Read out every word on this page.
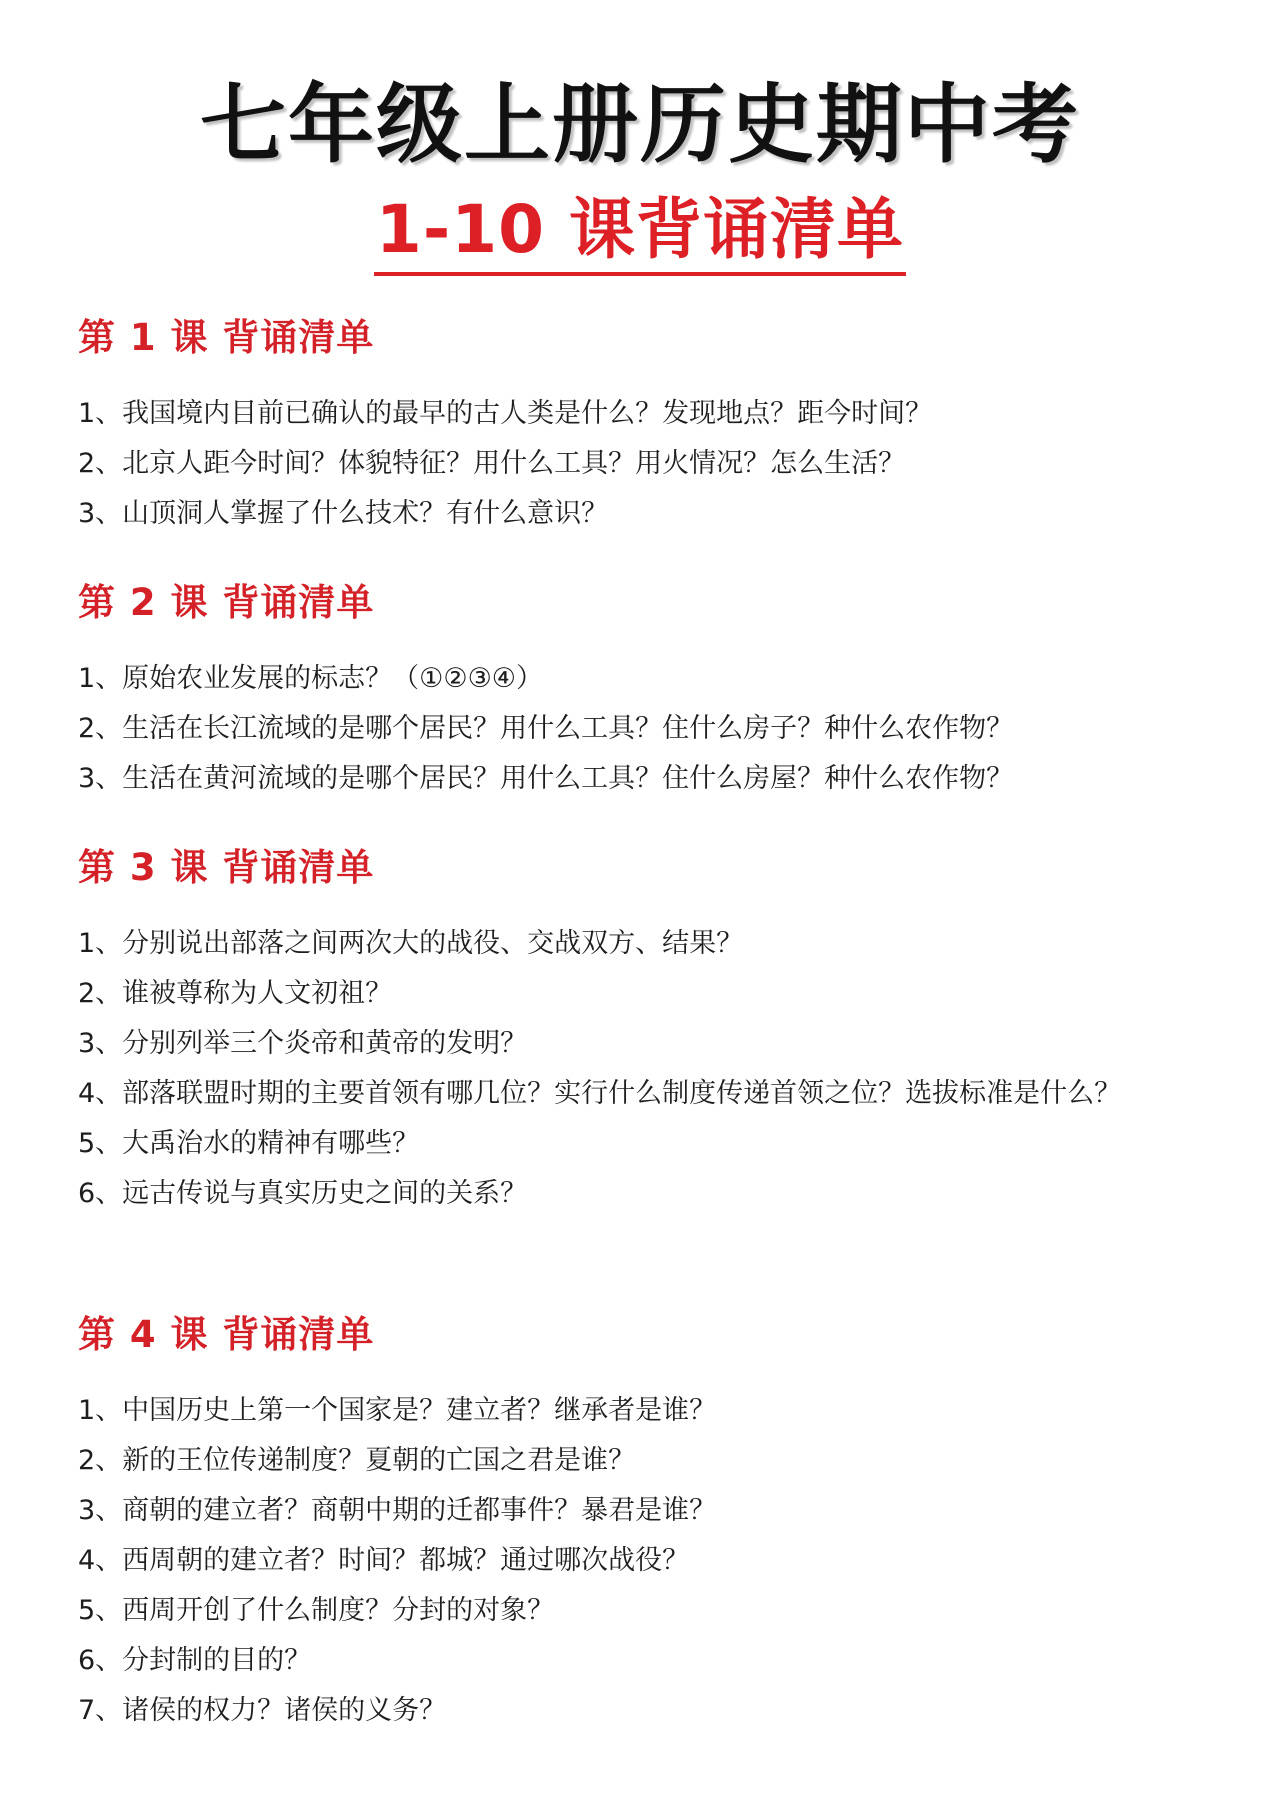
七年级上册历史期中考
1-10 课背诵清单
第 1 课 背诵清单
1、我国境内目前已确认的最早的古人类是什么？发现地点？距今时间？
2、北京人距今时间？体貌特征？用什么工具？用火情况？怎么生活？
3、山顶洞人掌握了什么技术？有什么意识？
第 2 课 背诵清单
1、原始农业发展的标志？（①②③④）
2、生活在长江流域的是哪个居民？用什么工具？住什么房子？种什么农作物？
3、生活在黄河流域的是哪个居民？用什么工具？住什么房屋？种什么农作物？
第 3 课 背诵清单
1、分别说出部落之间两次大的战役、交战双方、结果？
2、谁被尊称为人文初祖？
3、分别列举三个炎帝和黄帝的发明？
4、部落联盟时期的主要首领有哪几位？实行什么制度传递首领之位？选拔标准是什么？
5、大禹治水的精神有哪些？
6、远古传说与真实历史之间的关系？
第 4 课 背诵清单
1、中国历史上第一个国家是？建立者？继承者是谁？
2、新的王位传递制度？夏朝的亡国之君是谁？
3、商朝的建立者？商朝中期的迁都事件？暴君是谁？
4、西周朝的建立者？时间？都城？通过哪次战役？
5、西周开创了什么制度？分封的对象？
6、分封制的目的？
7、诸侯的权力？诸侯的义务？
